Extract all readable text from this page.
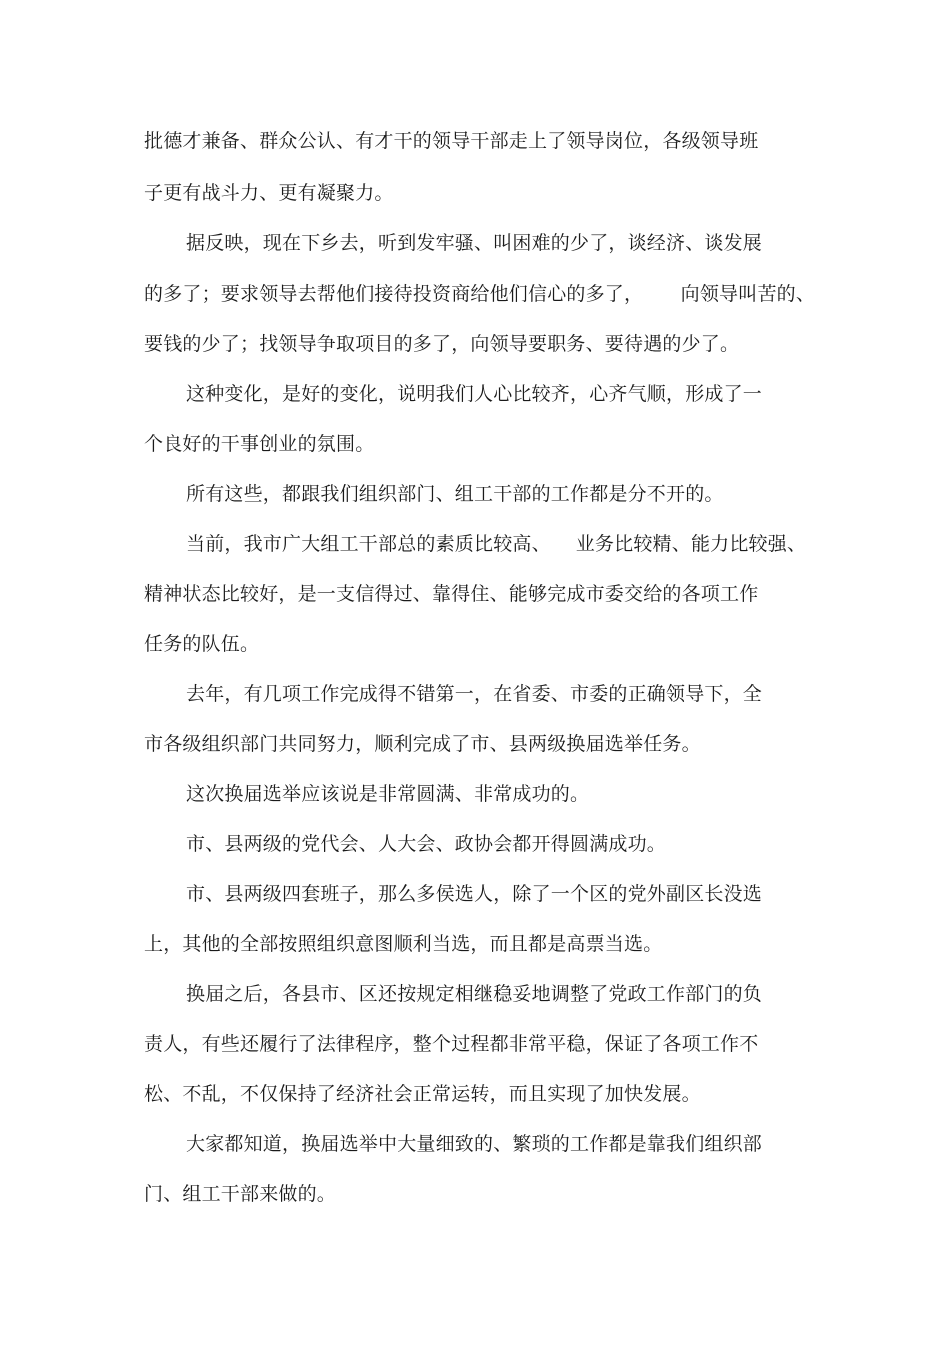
批德才兼备、群众公认、有才干的领导干部走上了领导岗位，各级领导班
子更有战斗力、更有凝聚力。
据反映，现在下乡去，听到发牢骚、叫困难的少了，谈经济、谈发展
的多了；要求领导去帮他们接待投资商给他们信心的多了，      向领导叫苦的、
要钱的少了；找领导争取项目的多了，向领导要职务、要待遇的少了。
这种变化，是好的变化，说明我们人心比较齐，心齐气顺，形成了一
个良好的干事创业的氛围。
所有这些，都跟我们组织部门、组工干部的工作都是分不开的。
当前，我市广大组工干部总的素质比较高、    业务比较精、能力比较强、
精神状态比较好，是一支信得过、靠得住、能够完成市委交给的各项工作
任务的队伍。
去年，有几项工作完成得不错第一，在省委、市委的正确领导下，全
市各级组织部门共同努力，顺利完成了市、县两级换届选举任务。
这次换届选举应该说是非常圆满、非常成功的。
市、县两级的党代会、人大会、政协会都开得圆满成功。
市、县两级四套班子，那么多侯选人，除了一个区的党外副区长没选
上，其他的全部按照组织意图顺利当选，而且都是高票当选。
换届之后，各县市、区还按规定相继稳妥地调整了党政工作部门的负
责人，有些还履行了法律程序，整个过程都非常平稳，保证了各项工作不
松、不乱，不仅保持了经济社会正常运转，而且实现了加快发展。
大家都知道，换届选举中大量细致的、繁琐的工作都是靠我们组织部
门、组工干部来做的。
